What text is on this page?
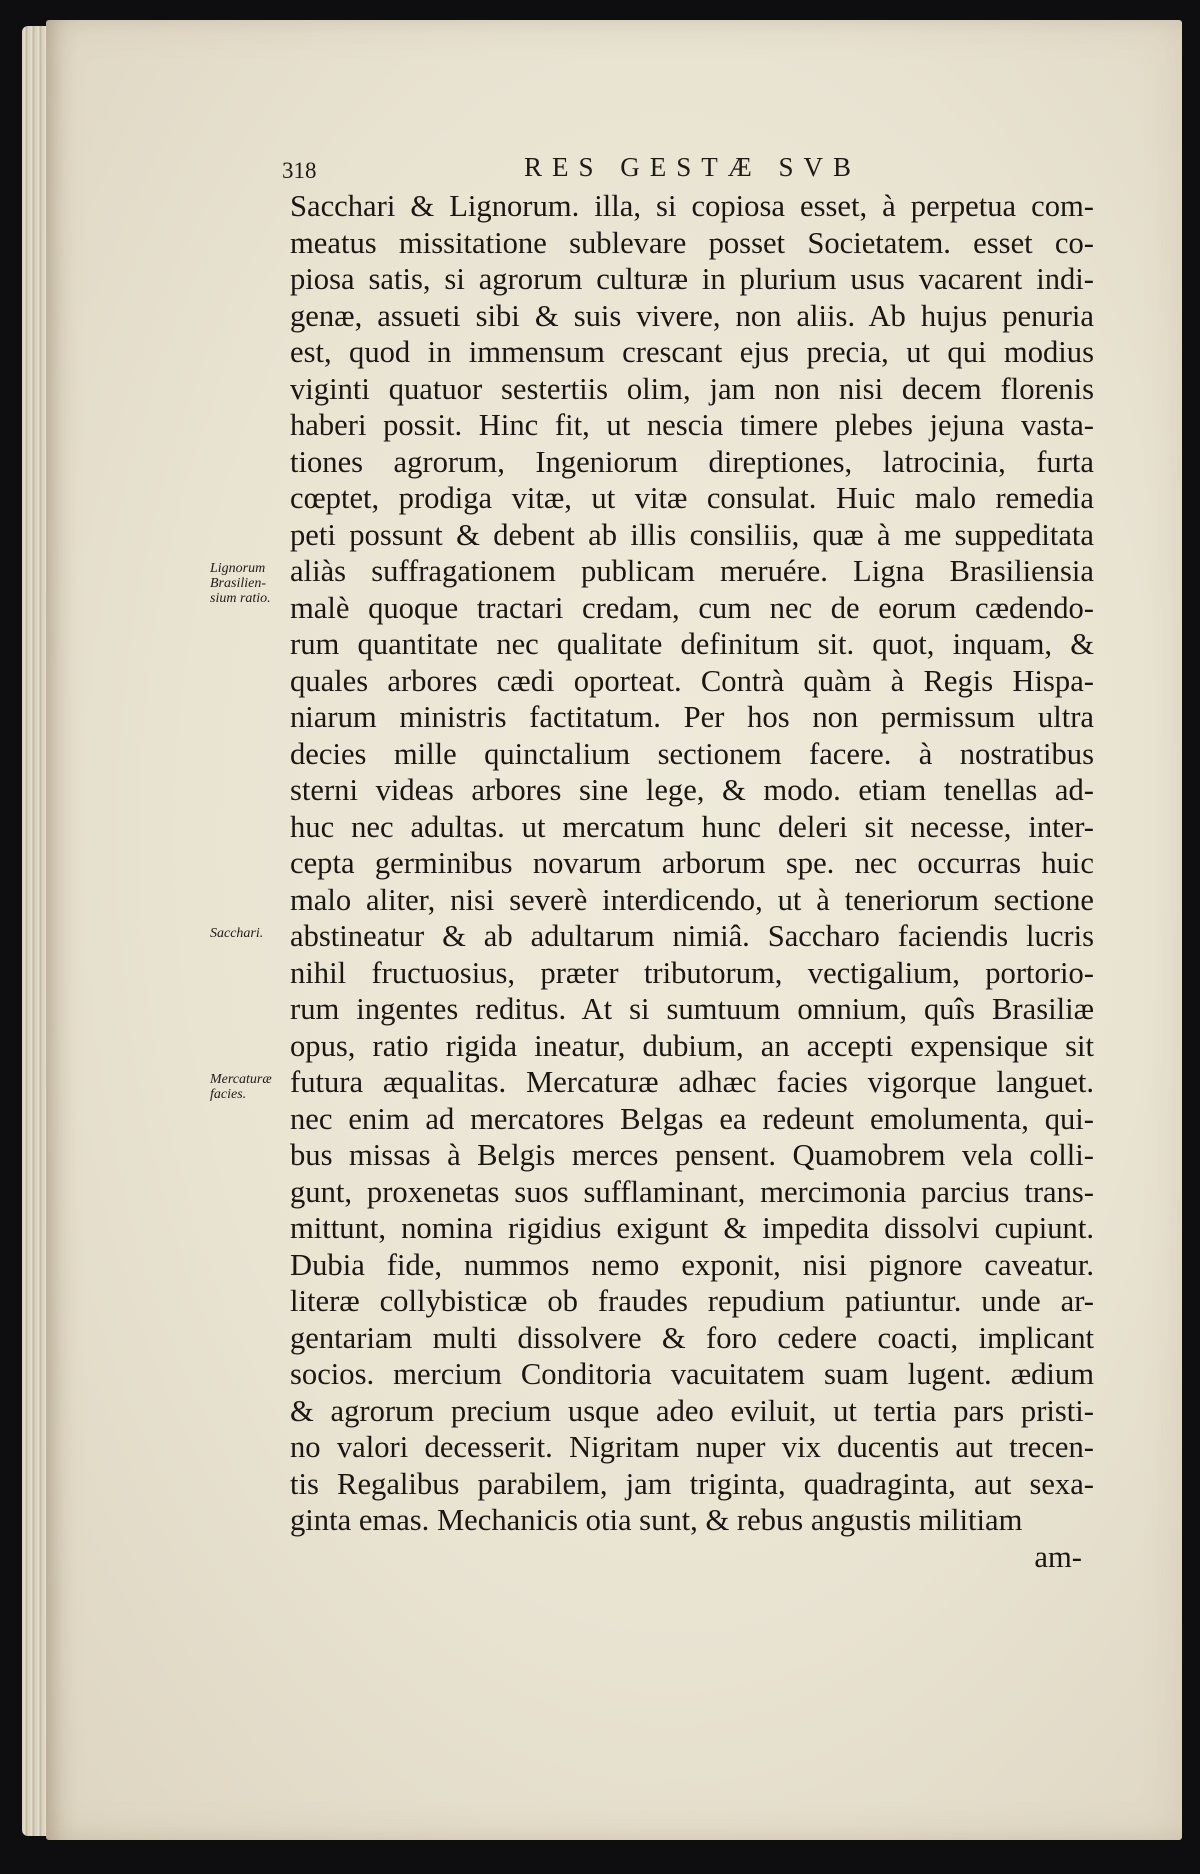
318	RES GESTÆ SVB
Lignorum
Brasilien-
sium ratio.
Sacchari.
Mercaturæ
facies.
Sacchari & Lignorum. illa, si copiosa esset, à perpetua com-
meatus missitatione sublevare posset Societatem. esset co-
piosa satis, si agrorum culturæ in plurium usus vacarent indi-
genæ, assueti sibi & suis vivere, non aliis. Ab hujus penuria
est, quod in immensum crescant ejus precia, ut qui modius
viginti quatuor sestertiis olim, jam non nisi decem florenis
haberi possit. Hinc fit, ut nescia timere plebes jejuna vasta-
tiones agrorum, Ingeniorum direptiones, latrocinia, furta
cœptet, prodiga vitæ, ut vitæ consulat. Huic malo remedia
peti possunt & debent ab illis consiliis, quæ à me suppeditata
aliàs suffragationem publicam meruére. Ligna Brasiliensia
malè quoque tractari credam, cum nec de eorum cædendo-
rum quantitate nec qualitate definitum sit. quot, inquam, &
quales arbores cædi oporteat. Contrà quàm à Regis Hispa-
niarum ministris factitatum. Per hos non permissum ultra
decies mille quinctalium sectionem facere. à nostratibus
sterni videas arbores sine lege, & modo. etiam tenellas ad-
huc nec adultas. ut mercatum hunc deleri sit necesse, inter-
cepta germinibus novarum arborum spe. nec occurras huic
malo aliter, nisi severè interdicendo, ut à teneriorum sectione
abstineatur & ab adultarum nimiâ. Saccharo faciendis lucris
nihil fructuosius, præter tributorum, vectigalium, portorio-
rum ingentes reditus. At si sumtuum omnium, quîs Brasiliæ
opus, ratio rigida ineatur, dubium, an accepti expensique sit
futura æqualitas. Mercaturæ adhæc facies vigorque languet.
nec enim ad mercatores Belgas ea redeunt emolumenta, qui-
bus missas à Belgis merces pensent. Quamobrem vela colli-
gunt, proxenetas suos sufflaminant, mercimonia parcius trans-
mittunt, nomina rigidius exigunt & impedita dissolvi cupiunt.
Dubia fide, nummos nemo exponit, nisi pignore caveatur.
literæ collybisticæ ob fraudes repudium patiuntur. unde ar-
gentariam multi dissolvere & foro cedere coacti, implicant
socios. mercium Conditoria vacuitatem suam lugent. ædium
& agrorum precium usque adeo eviluit, ut tertia pars pristi-
no valori decesserit. Nigritam nuper vix ducentis aut trecen-
tis Regalibus parabilem, jam triginta, quadraginta, aut sexa-
ginta emas. Mechanicis otia sunt, & rebus angustis militiam
am-
